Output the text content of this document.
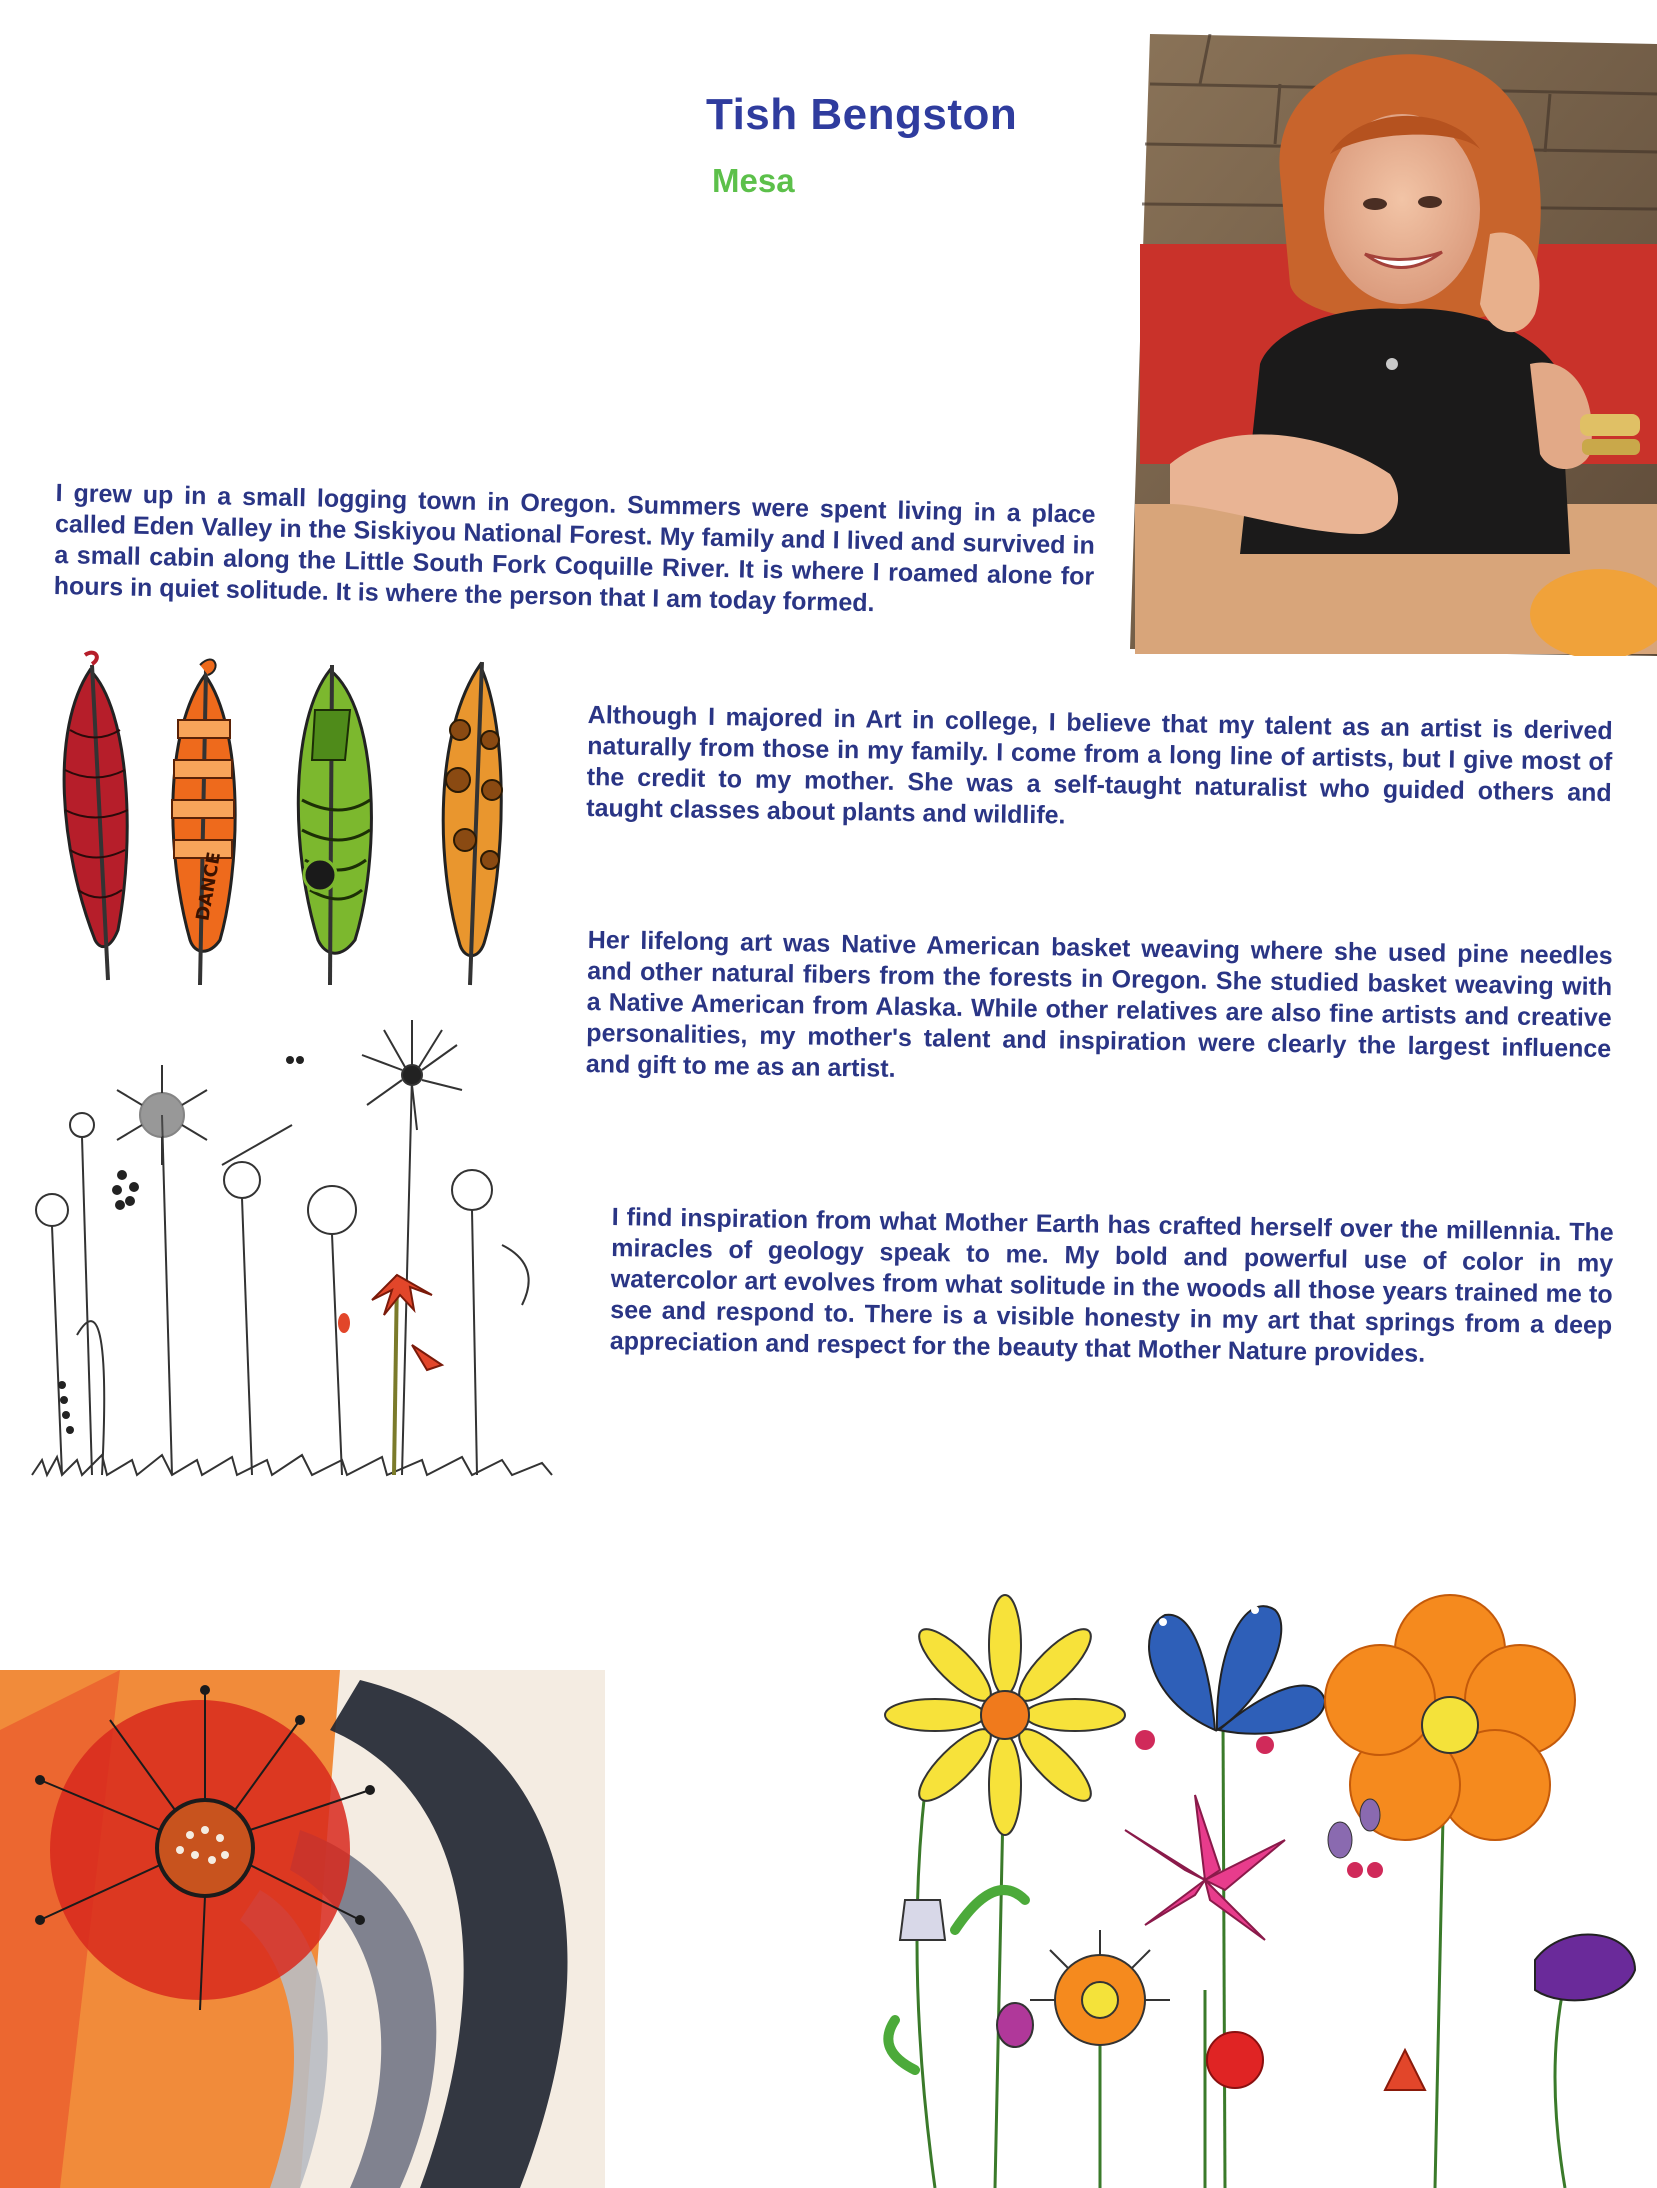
Tish Bengston
Mesa
I grew up in a small logging town in Oregon. Summers were spent living in a place called Eden Valley in the Siskiyou National Forest. My family and I lived and survived in a small cabin along the Little South Fork Coquille River. It is where I roamed alone for hours in quiet solitude. It is where the person that I am today formed.
Although I majored in Art in college, I believe that my talent as an artist is derived naturally from those in my family. I come from a long line of artists, but I give most of the credit to my mother. She was a self-taught naturalist who guided others and taught classes about plants and wildlife.
Her lifelong art was Native American basket weaving where she used pine needles and other natural fibers from the forests in Oregon. She studied basket weaving with a Native American from Alaska. While other relatives are also fine artists and creative personalities, my mother's talent and inspiration were clearly the largest influence and gift to me as an artist.
I find inspiration from what Mother Earth has crafted herself over the millennia. The miracles of geology speak to me. My bold and powerful use of color in my watercolor art evolves from what solitude in the woods all those years trained me to see and respond to. There is a visible honesty in my art that springs from a deep appreciation and respect for the beauty that Mother Nature provides.
DANCE
